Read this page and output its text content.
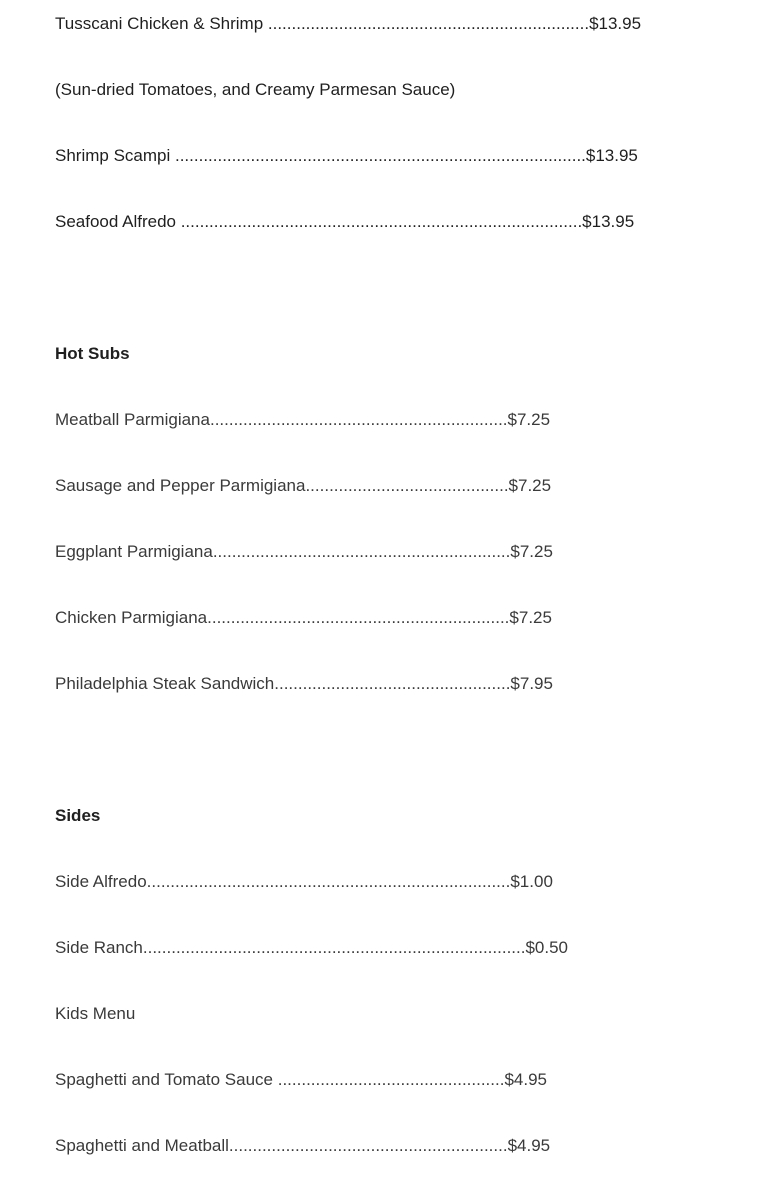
Tusscani Chicken & Shrimp ....................................................................$13.95

(Sun-dried Tomatoes, and Creamy Parmesan Sauce)

Shrimp Scampi .......................................................................................$13.95

Seafood Alfredo .....................................................................................$13.95

Hot Subs

Meatball Parmigiana...............................................................$7.25

Sausage and Pepper Parmigiana...........................................$7.25

Eggplant Parmigiana...............................................................$7.25

Chicken Parmigiana................................................................$7.25

Philadelphia Steak Sandwich..................................................$7.95

Sides

Side Alfredo.............................................................................$1.00

Side Ranch.................................................................................$0.50

Kids Menu

Spaghetti and Tomato Sauce ................................................$4.95

Spaghetti and Meatball...........................................................$4.95
